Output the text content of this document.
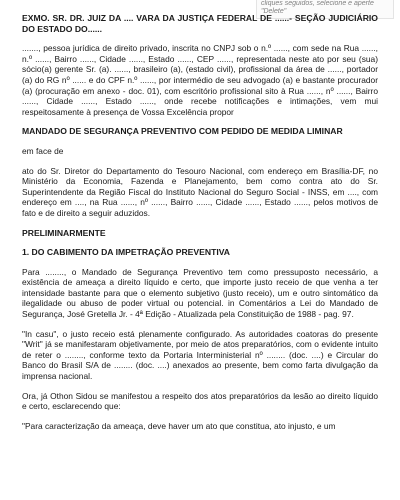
cliques seguidos, selecione e aperte "Delete"

EXMO. SR. DR. JUIZ DA .... VARA DA JUSTIÇA FEDERAL DE ......- SEÇÃO JUDICIÁRIO DO ESTADO DO......

......., pessoa jurídica de direito privado, inscrita no CNPJ sob o n.º ......, com sede na Rua ......, n.º ......, Bairro ......, Cidade ......, Estado ......, CEP ......, representada neste ato por seu (sua) sócio(a) gerente Sr. (a). ......, brasileiro (a), (estado civil), profissional da área de ......, portador (a) do RG nº ...... e do CPF n.º ......, por intermédio de seu advogado (a) e bastante procurador (a) (procuração em anexo - doc. 01), com escritório profissional sito à Rua ......, nº ......, Bairro ......, Cidade ......, Estado ......, onde recebe notificações e intimações, vem mui respeitosamente à presença de Vossa Excelência propor

MANDADO DE SEGURANÇA PREVENTIVO COM PEDIDO DE MEDIDA LIMINAR

em face de

ato do Sr. Diretor do Departamento do Tesouro Nacional, com endereço em Brasília-DF, no Ministério da Economia, Fazenda e Planejamento, bem como contra ato do Sr. Superintendente da Região Fiscal do Instituto Nacional do Seguro Social - INSS, em ...., com endereço em ...., na Rua ......, nº ......, Bairro ......, Cidade ......, Estado ......, pelos motivos de fato e de direito a seguir aduzidos.

PRELIMINARMENTE

1. DO CABIMENTO DA IMPETRAÇÃO PREVENTIVA

Para ........, o Mandado de Segurança Preventivo tem como pressuposto necessário, a existência de ameaça a direito líquido e certo, que importe justo receio de que venha a ter intensidade bastante para que o elemento subjetivo (justo receio), um e outro sintomático da ilegalidade ou abuso de poder virtual ou potencial. in Comentários a Lei do Mandado de Segurança, José Gretella Jr. - 4ª Edição - Atualizada pela Constituição de 1988 - pag. 97.

"In casu", o justo receio está plenamente configurado. As autoridades coatoras do presente "Writ" já se manifestaram objetivamente, por meio de atos preparatórios, com o evidente intuito de reter o ........, conforme texto da Portaria Interministerial nº ........ (doc. ....) e Circular do Banco do Brasil S/A de ........ (doc. ....) anexados ao presente, bem como farta divulgação da imprensa nacional.

Ora, já Othon Sidou se manifestou a respeito dos atos preparatórios da lesão ao direito líquido e certo, esclarecendo que:

"Para caracterização da ameaça, deve haver um ato que constitua, ato injusto, e um
